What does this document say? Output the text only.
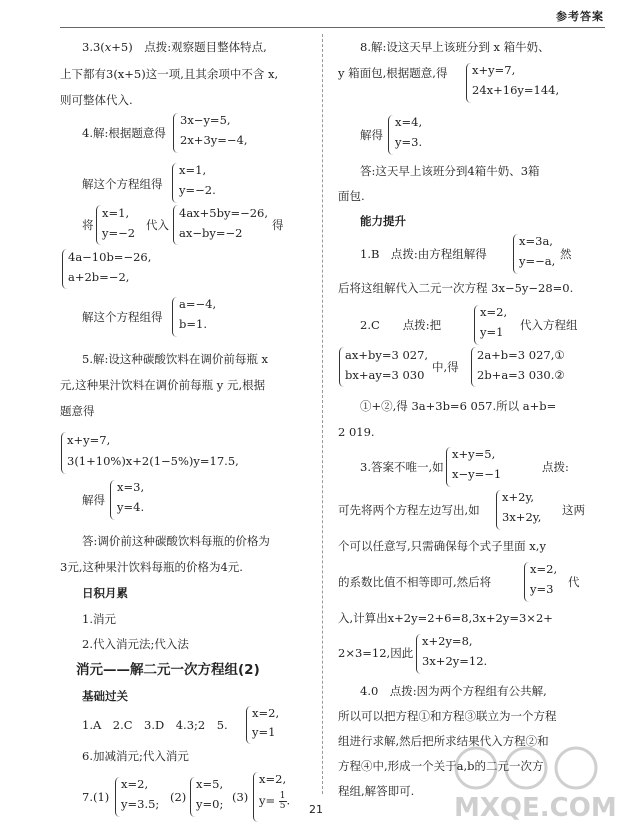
参考答案
3.3(x+5)　点拨:观察题目整体特点,
上下都有3(x+5)这一项,且其余项中不含 x,
则可整体代入.
4.解:根据题意得
3x−y=5,
2x+3y=−4,
解这个方程组得
x=1,
y=−2.
将
x=1,
y=−2
代入
4ax+5by=−26,
ax−by=−2
得
4a−10b=−26,
a+2b=−2,
解这个方程组得
a=−4,
b=1.
5.解:设这种碳酸饮料在调价前每瓶 x
元,这种果汁饮料在调价前每瓶 y 元,根据
题意得
x+y=7,
3(1+10%)x+2(1−5%)y=17.5,
解得
x=3,
y=4.
答:调价前这种碳酸饮料每瓶的价格为
3元,这种果汁饮料每瓶的价格为4元.
日积月累
1.消元
2.代入消元法;代入法
消元——解二元一次方程组(2)
基础过关
1.A　2.C　3.D　4.3;2　5.
x=2,
y=1
6.加减消元;代入消元
7.(1)
x=2,
y=3.5; (2)
x=5,
y=0; (3)
x=2,
$y= \frac{1}{5}$ .
8.解:设这天早上该班分到 x 箱牛奶、
y 箱面包,根据题意,得 x+y=7,
24x+16y=144,
解得
x=4,
y=3.
答:这天早上该班分到4箱牛奶、3箱
面包.
能力提升
1.B　点拨:由方程组解得
x=3a,
y=−a, 然
后将这组解代入二元一次方程 3x−5y−28=0.
2.C　　点拨:把
x=2,
y=1	代入方程组
ax+by=3 027,
bx+ay=3 030
中,得
2a+b=3 027,①
2b+a=3 030.②
①+②,得 3a+3b=6 057.所以 a+b=
2 019.
3.答案不唯一,如
x+y=5,
x−y=−1	点拨:
可先将两个方程左边写出,如
x+2y,
3x+2y, 这两
个可以任意写,只需确保每个式子里面 x,y
的系数比值不相等即可,然后将
x=2,
y=3	代
入,计算出x+2y=2+6=8,3x+2y=3×2+
2×3=12,因此
x+2y=8,
3x+2y=12.
4.0　点拨:因为两个方程组有公共解,
所以可以把方程①和方程③联立为一个方程
组进行求解,然后把所求结果代入方程②和
方程④中,形成一个关于a,b的二元一次方
程组,解答即可.
21	MXQE.COM
